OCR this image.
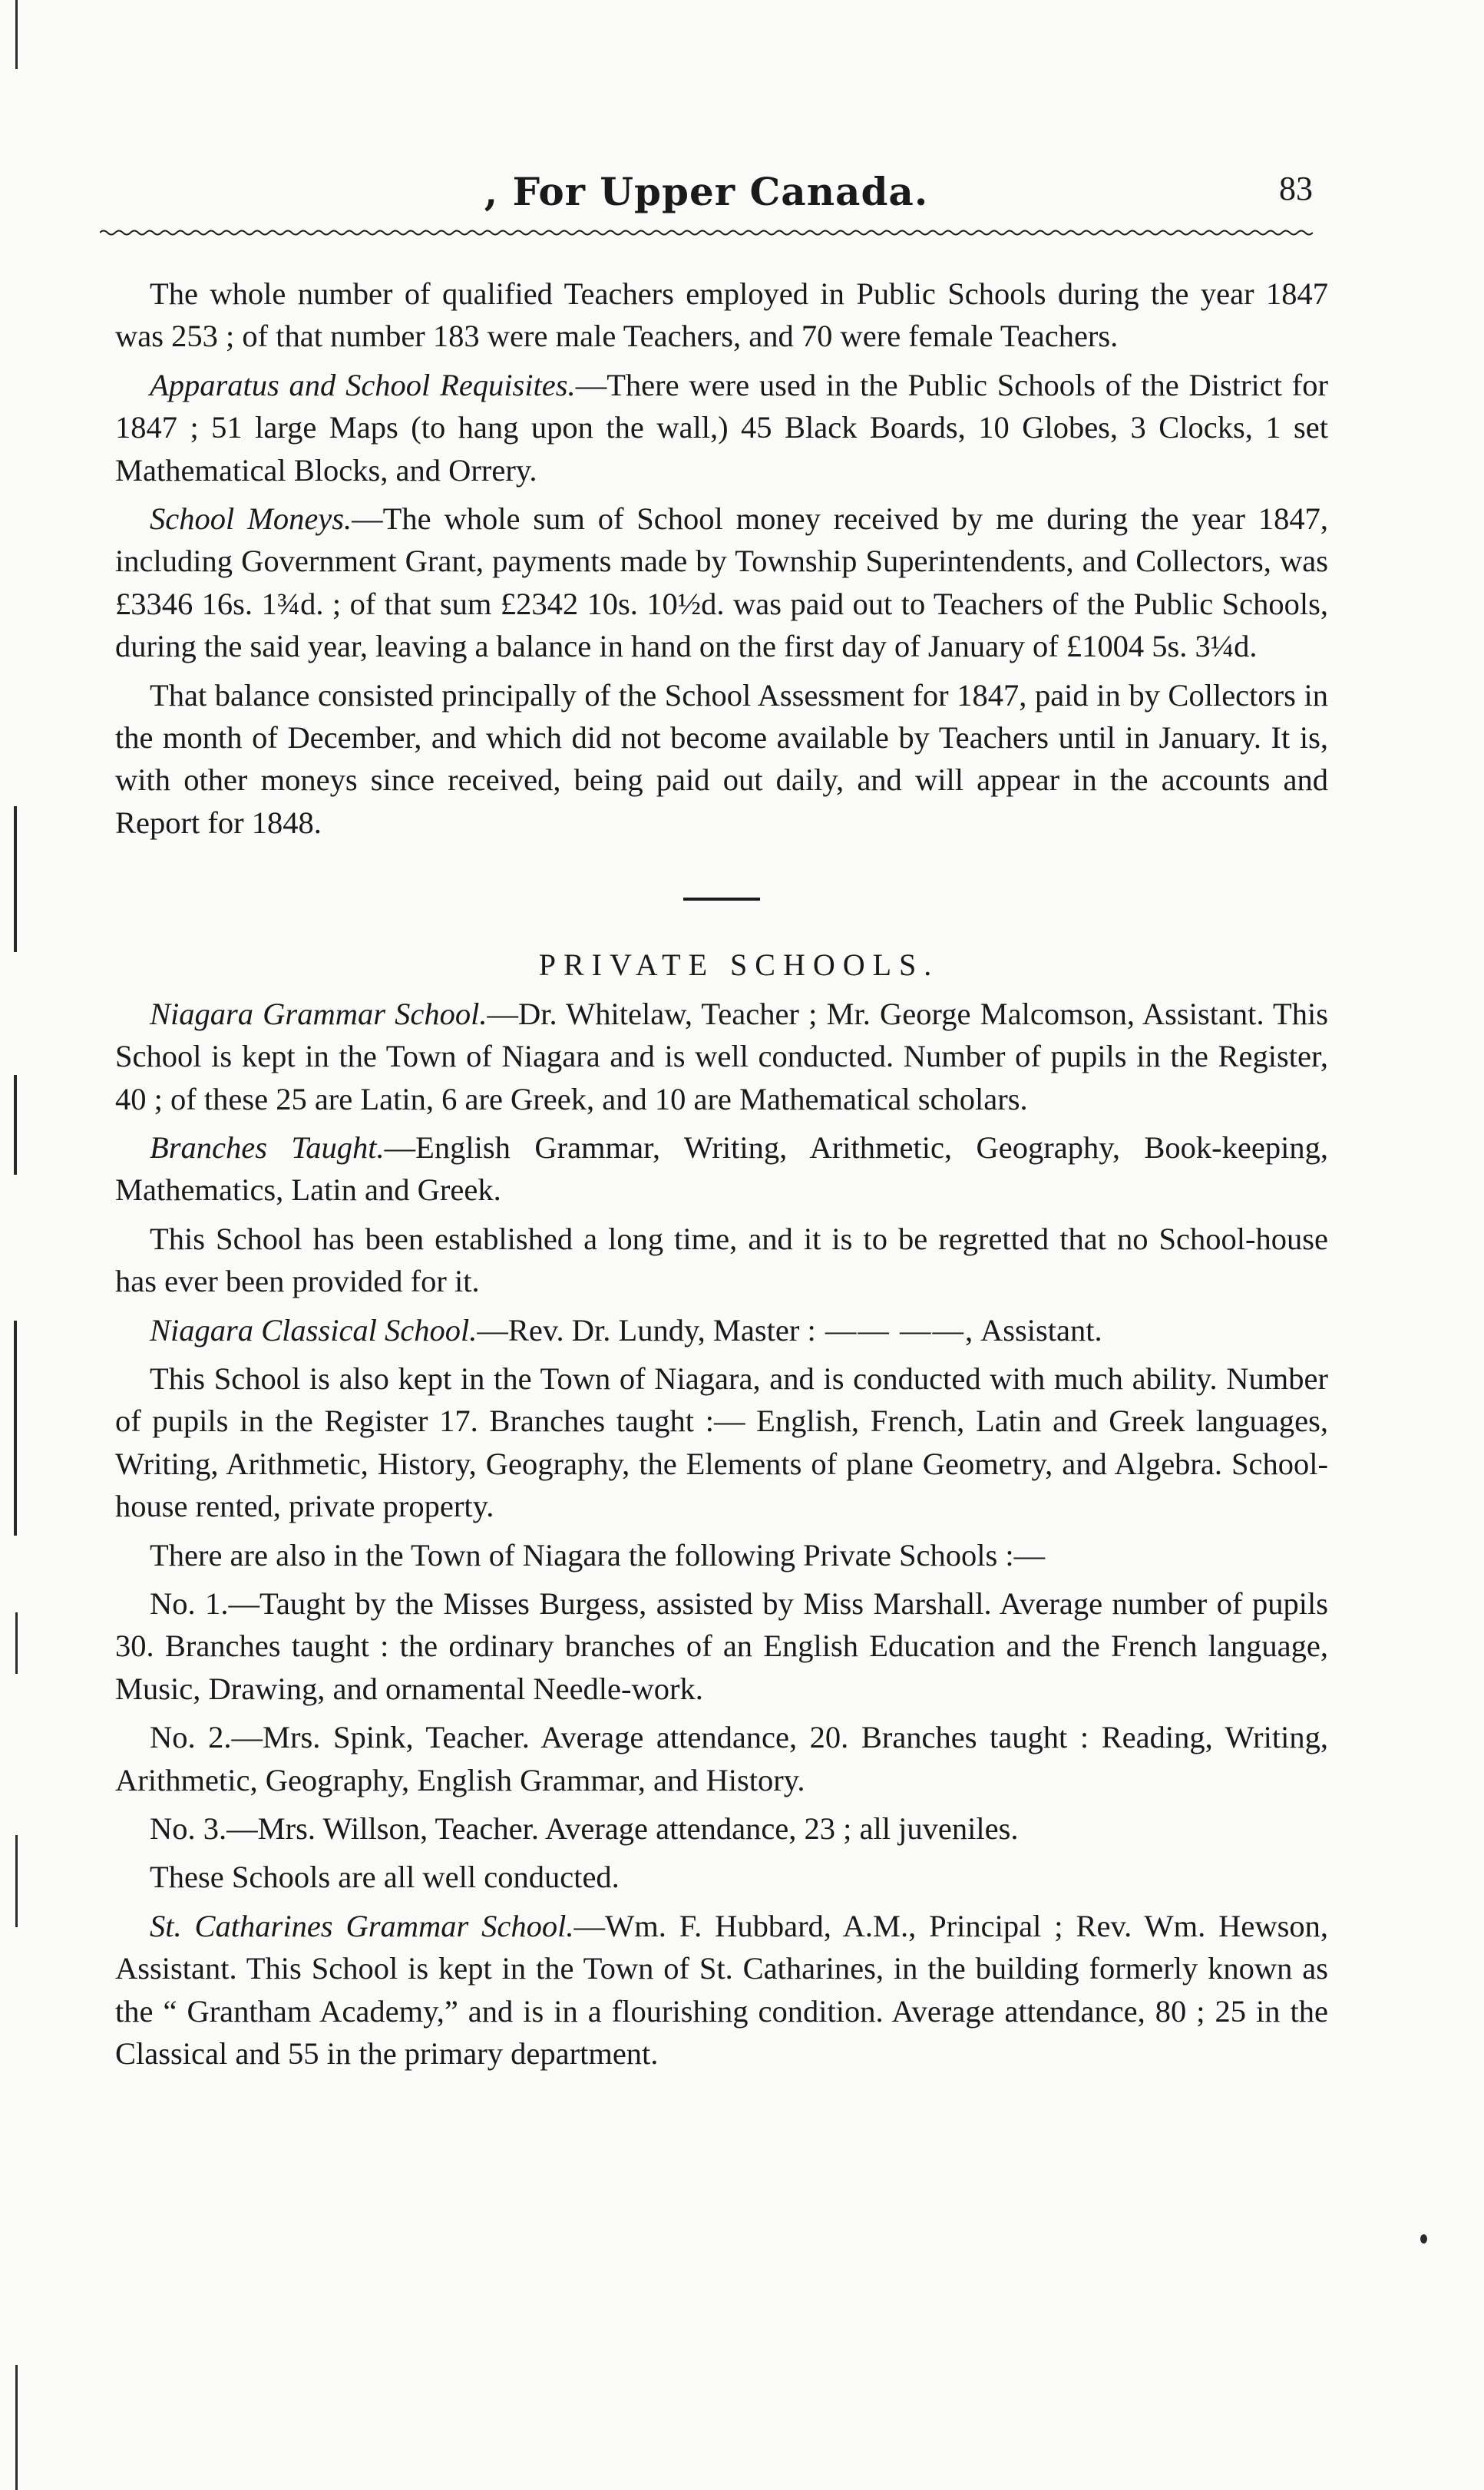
, For Upper Canada.	83

The whole number of qualified Teachers employed in Public Schools during the year 1847 was 253 ; of that number 183 were male Teachers, and 70 were female Teachers.

Apparatus and School Requisites.—There were used in the Public Schools of the District for 1847 ; 51 large Maps (to hang upon the wall,) 45 Black Boards, 10 Globes, 3 Clocks, 1 set Mathematical Blocks, and Orrery.

School Moneys.—The whole sum of School money received by me during the year 1847, including Government Grant, payments made by Township Superintendents, and Collectors, was £3346 16s. 1¾d. ; of that sum £2342 10s. 10½d. was paid out to Teachers of the Public Schools, during the said year, leaving a balance in hand on the first day of January of £1004 5s. 3¼d.

That balance consisted principally of the School Assessment for 1847, paid in by Collectors in the month of December, and which did not become available by Teachers until in January. It is, with other moneys since received, being paid out daily, and will appear in the accounts and Report for 1848.

PRIVATE SCHOOLS.

Niagara Grammar School.—Dr. Whitelaw, Teacher ; Mr. George Malcomson, Assistant. This School is kept in the Town of Niagara and is well conducted. Number of pupils in the Register, 40 ; of these 25 are Latin, 6 are Greek, and 10 are Mathematical scholars.

Branches Taught.—English Grammar, Writing, Arithmetic, Geography, Book-keeping, Mathematics, Latin and Greek.

This School has been established a long time, and it is to be regretted that no School-house has ever been provided for it.

Niagara Classical School.—Rev. Dr. Lundy, Master : —— ——, Assistant.

This School is also kept in the Town of Niagara, and is conducted with much ability. Number of pupils in the Register 17. Branches taught :— English, French, Latin and Greek languages, Writing, Arithmetic, History, Geography, the Elements of plane Geometry, and Algebra. School-house rented, private property.

There are also in the Town of Niagara the following Private Schools :—

No. 1.—Taught by the Misses Burgess, assisted by Miss Marshall. Average number of pupils 30. Branches taught : the ordinary branches of an English Education and the French language, Music, Drawing, and ornamental Needle-work.

No. 2.—Mrs. Spink, Teacher. Average attendance, 20. Branches taught : Reading, Writing, Arithmetic, Geography, English Grammar, and History.

No. 3.—Mrs. Willson, Teacher. Average attendance, 23 ; all juveniles.

These Schools are all well conducted.

St. Catharines Grammar School.—Wm. F. Hubbard, A.M., Principal ; Rev. Wm. Hewson, Assistant. This School is kept in the Town of St. Catharines, in the building formerly known as the “ Grantham Academy,” and is in a flourishing condition. Average attendance, 80 ; 25 in the Classical and 55 in the primary department.
